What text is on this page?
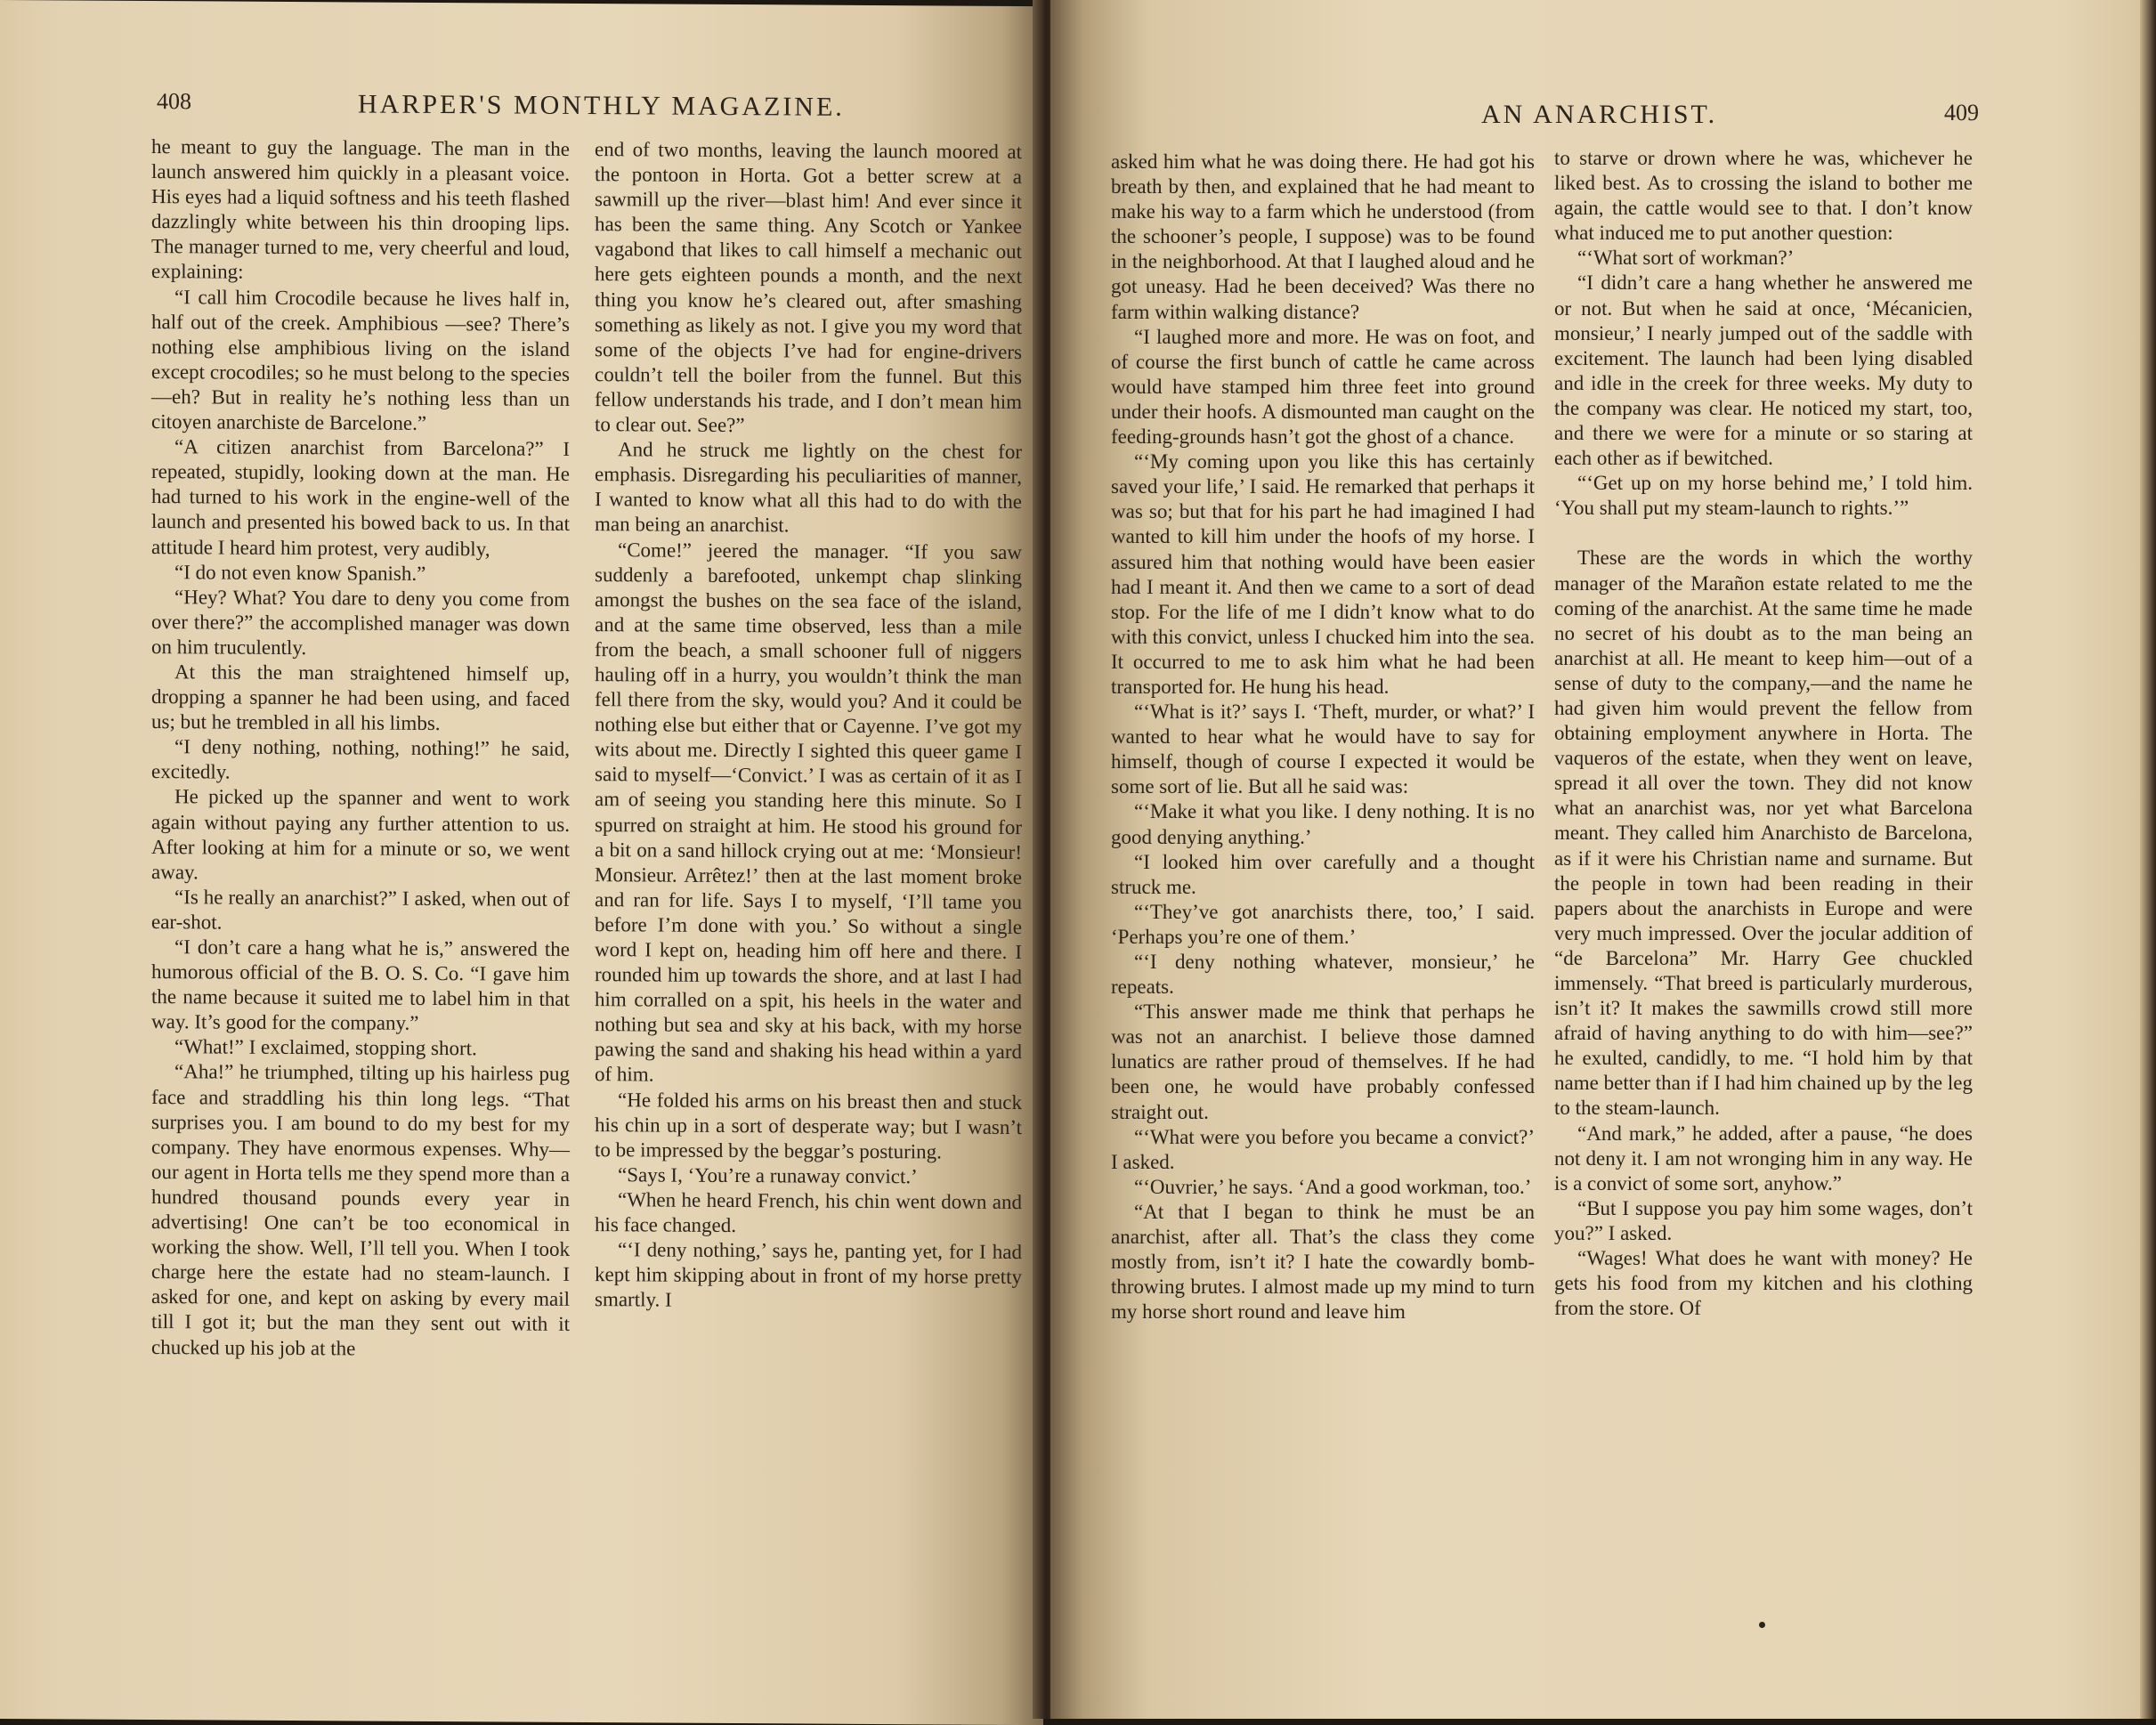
408	HARPER'S MONTHLY MAGAZINE.

he meant to guy the language. The man in the launch answered him quickly in a pleasant voice. His eyes had a liquid softness and his teeth flashed dazzlingly white between his thin drooping lips. The manager turned to me, very cheerful and loud, explaining:

“I call him Crocodile because he lives half in, half out of the creek. Amphibious —see? There’s nothing else amphibious living on the island except crocodiles; so he must belong to the species—eh? But in reality he’s nothing less than un citoyen anarchiste de Barcelone.”

“A citizen anarchist from Barcelona?” I repeated, stupidly, looking down at the man. He had turned to his work in the engine-well of the launch and presented his bowed back to us. In that attitude I heard him protest, very audibly,

“I do not even know Spanish.”

“Hey? What? You dare to deny you come from over there?” the accomplished manager was down on him truculently.

At this the man straightened himself up, dropping a spanner he had been using, and faced us; but he trembled in all his limbs.

“I deny nothing, nothing, nothing!” he said, excitedly.

He picked up the spanner and went to work again without paying any further attention to us. After looking at him for a minute or so, we went away.

“Is he really an anarchist?” I asked, when out of ear-shot.

“I don’t care a hang what he is,” answered the humorous official of the B. O. S. Co. “I gave him the name because it suited me to label him in that way. It’s good for the company.”

“What!” I exclaimed, stopping short.

“Aha!” he triumphed, tilting up his hairless pug face and straddling his thin long legs. “That surprises you. I am bound to do my best for my company. They have enormous expenses. Why—our agent in Horta tells me they spend more than a hundred thousand pounds every year in advertising! One can’t be too economical in working the show. Well, I’ll tell you. When I took charge here the estate had no steam-launch. I asked for one, and kept on asking by every mail till I got it; but the man they sent out with it chucked up his job at the

end of two months, leaving the launch moored at the pontoon in Horta. Got a better screw at a sawmill up the river—blast him! And ever since it has been the same thing. Any Scotch or Yankee vagabond that likes to call himself a mechanic out here gets eighteen pounds a month, and the next thing you know he’s cleared out, after smashing something as likely as not. I give you my word that some of the objects I’ve had for engine-drivers couldn’t tell the boiler from the funnel. But this fellow understands his trade, and I don’t mean him to clear out. See?”

And he struck me lightly on the chest for emphasis. Disregarding his peculiarities of manner, I wanted to know what all this had to do with the man being an anarchist.

“Come!” jeered the manager. “If you saw suddenly a barefooted, unkempt chap slinking amongst the bushes on the sea face of the island, and at the same time observed, less than a mile from the beach, a small schooner full of niggers hauling off in a hurry, you wouldn’t think the man fell there from the sky, would you? And it could be nothing else but either that or Cayenne. I’ve got my wits about me. Directly I sighted this queer game I said to myself—‘Convict.’ I was as certain of it as I am of seeing you standing here this minute. So I spurred on straight at him. He stood his ground for a bit on a sand hillock crying out at me: ‘Monsieur! Monsieur. Arrêtez!’ then at the last moment broke and ran for life. Says I to myself, ‘I’ll tame you before I’m done with you.’ So without a single word I kept on, heading him off here and there. I rounded him up towards the shore, and at last I had him corralled on a spit, his heels in the water and nothing but sea and sky at his back, with my horse pawing the sand and shaking his head within a yard of him.

“He folded his arms on his breast then and stuck his chin up in a sort of desperate way; but I wasn’t to be impressed by the beggar’s posturing.

“Says I, ‘You’re a runaway convict.’

“When he heard French, his chin went down and his face changed.

“‘I deny nothing,’ says he, panting yet, for I had kept him skipping about in front of my horse pretty smartly. I

AN ANARCHIST.	409

asked him what he was doing there. He had got his breath by then, and explained that he had meant to make his way to a farm which he understood (from the schooner’s people, I suppose) was to be found in the neighborhood. At that I laughed aloud and he got uneasy. Had he been deceived? Was there no farm within walking distance?

“I laughed more and more. He was on foot, and of course the first bunch of cattle he came across would have stamped him three feet into ground under their hoofs. A dismounted man caught on the feeding-grounds hasn’t got the ghost of a chance.

“‘My coming upon you like this has certainly saved your life,’ I said. He remarked that perhaps it was so; but that for his part he had imagined I had wanted to kill him under the hoofs of my horse. I assured him that nothing would have been easier had I meant it. And then we came to a sort of dead stop. For the life of me I didn’t know what to do with this convict, unless I chucked him into the sea. It occurred to me to ask him what he had been transported for. He hung his head.

“‘What is it?’ says I. ‘Theft, murder, or what?’ I wanted to hear what he would have to say for himself, though of course I expected it would be some sort of lie. But all he said was:

“‘Make it what you like. I deny nothing. It is no good denying anything.’

“I looked him over carefully and a thought struck me.

“‘They’ve got anarchists there, too,’ I said. ‘Perhaps you’re one of them.’

“‘I deny nothing whatever, monsieur,’ he repeats.

“This answer made me think that perhaps he was not an anarchist. I believe those damned lunatics are rather proud of themselves. If he had been one, he would have probably confessed straight out.

“‘What were you before you became a convict?’ I asked.

“‘Ouvrier,’ he says. ‘And a good workman, too.’

“At that I began to think he must be an anarchist, after all. That’s the class they come mostly from, isn’t it? I hate the cowardly bomb-throwing brutes. I almost made up my mind to turn my horse short round and leave him

to starve or drown where he was, whichever he liked best. As to crossing the island to bother me again, the cattle would see to that. I don’t know what induced me to put another question:

“‘What sort of workman?’

“I didn’t care a hang whether he answered me or not. But when he said at once, ‘Mécanicien, monsieur,’ I nearly jumped out of the saddle with excitement. The launch had been lying disabled and idle in the creek for three weeks. My duty to the company was clear. He noticed my start, too, and there we were for a minute or so staring at each other as if bewitched.

“‘Get up on my horse behind me,’ I told him. ‘You shall put my steam-launch to rights.’”

These are the words in which the worthy manager of the Marañon estate related to me the coming of the anarchist. At the same time he made no secret of his doubt as to the man being an anarchist at all. He meant to keep him—out of a sense of duty to the company,—and the name he had given him would prevent the fellow from obtaining employment anywhere in Horta. The vaqueros of the estate, when they went on leave, spread it all over the town. They did not know what an anarchist was, nor yet what Barcelona meant. They called him Anarchisto de Barcelona, as if it were his Christian name and surname. But the people in town had been reading in their papers about the anarchists in Europe and were very much impressed. Over the jocular addition of “de Barcelona” Mr. Harry Gee chuckled immensely. “That breed is particularly murderous, isn’t it? It makes the sawmills crowd still more afraid of having anything to do with him—see?” he exulted, candidly, to me. “I hold him by that name better than if I had him chained up by the leg to the steam-launch.

“And mark,” he added, after a pause, “he does not deny it. I am not wronging him in any way. He is a convict of some sort, anyhow.”

“But I suppose you pay him some wages, don’t you?” I asked.

“Wages! What does he want with money? He gets his food from my kitchen and his clothing from the store. Of
